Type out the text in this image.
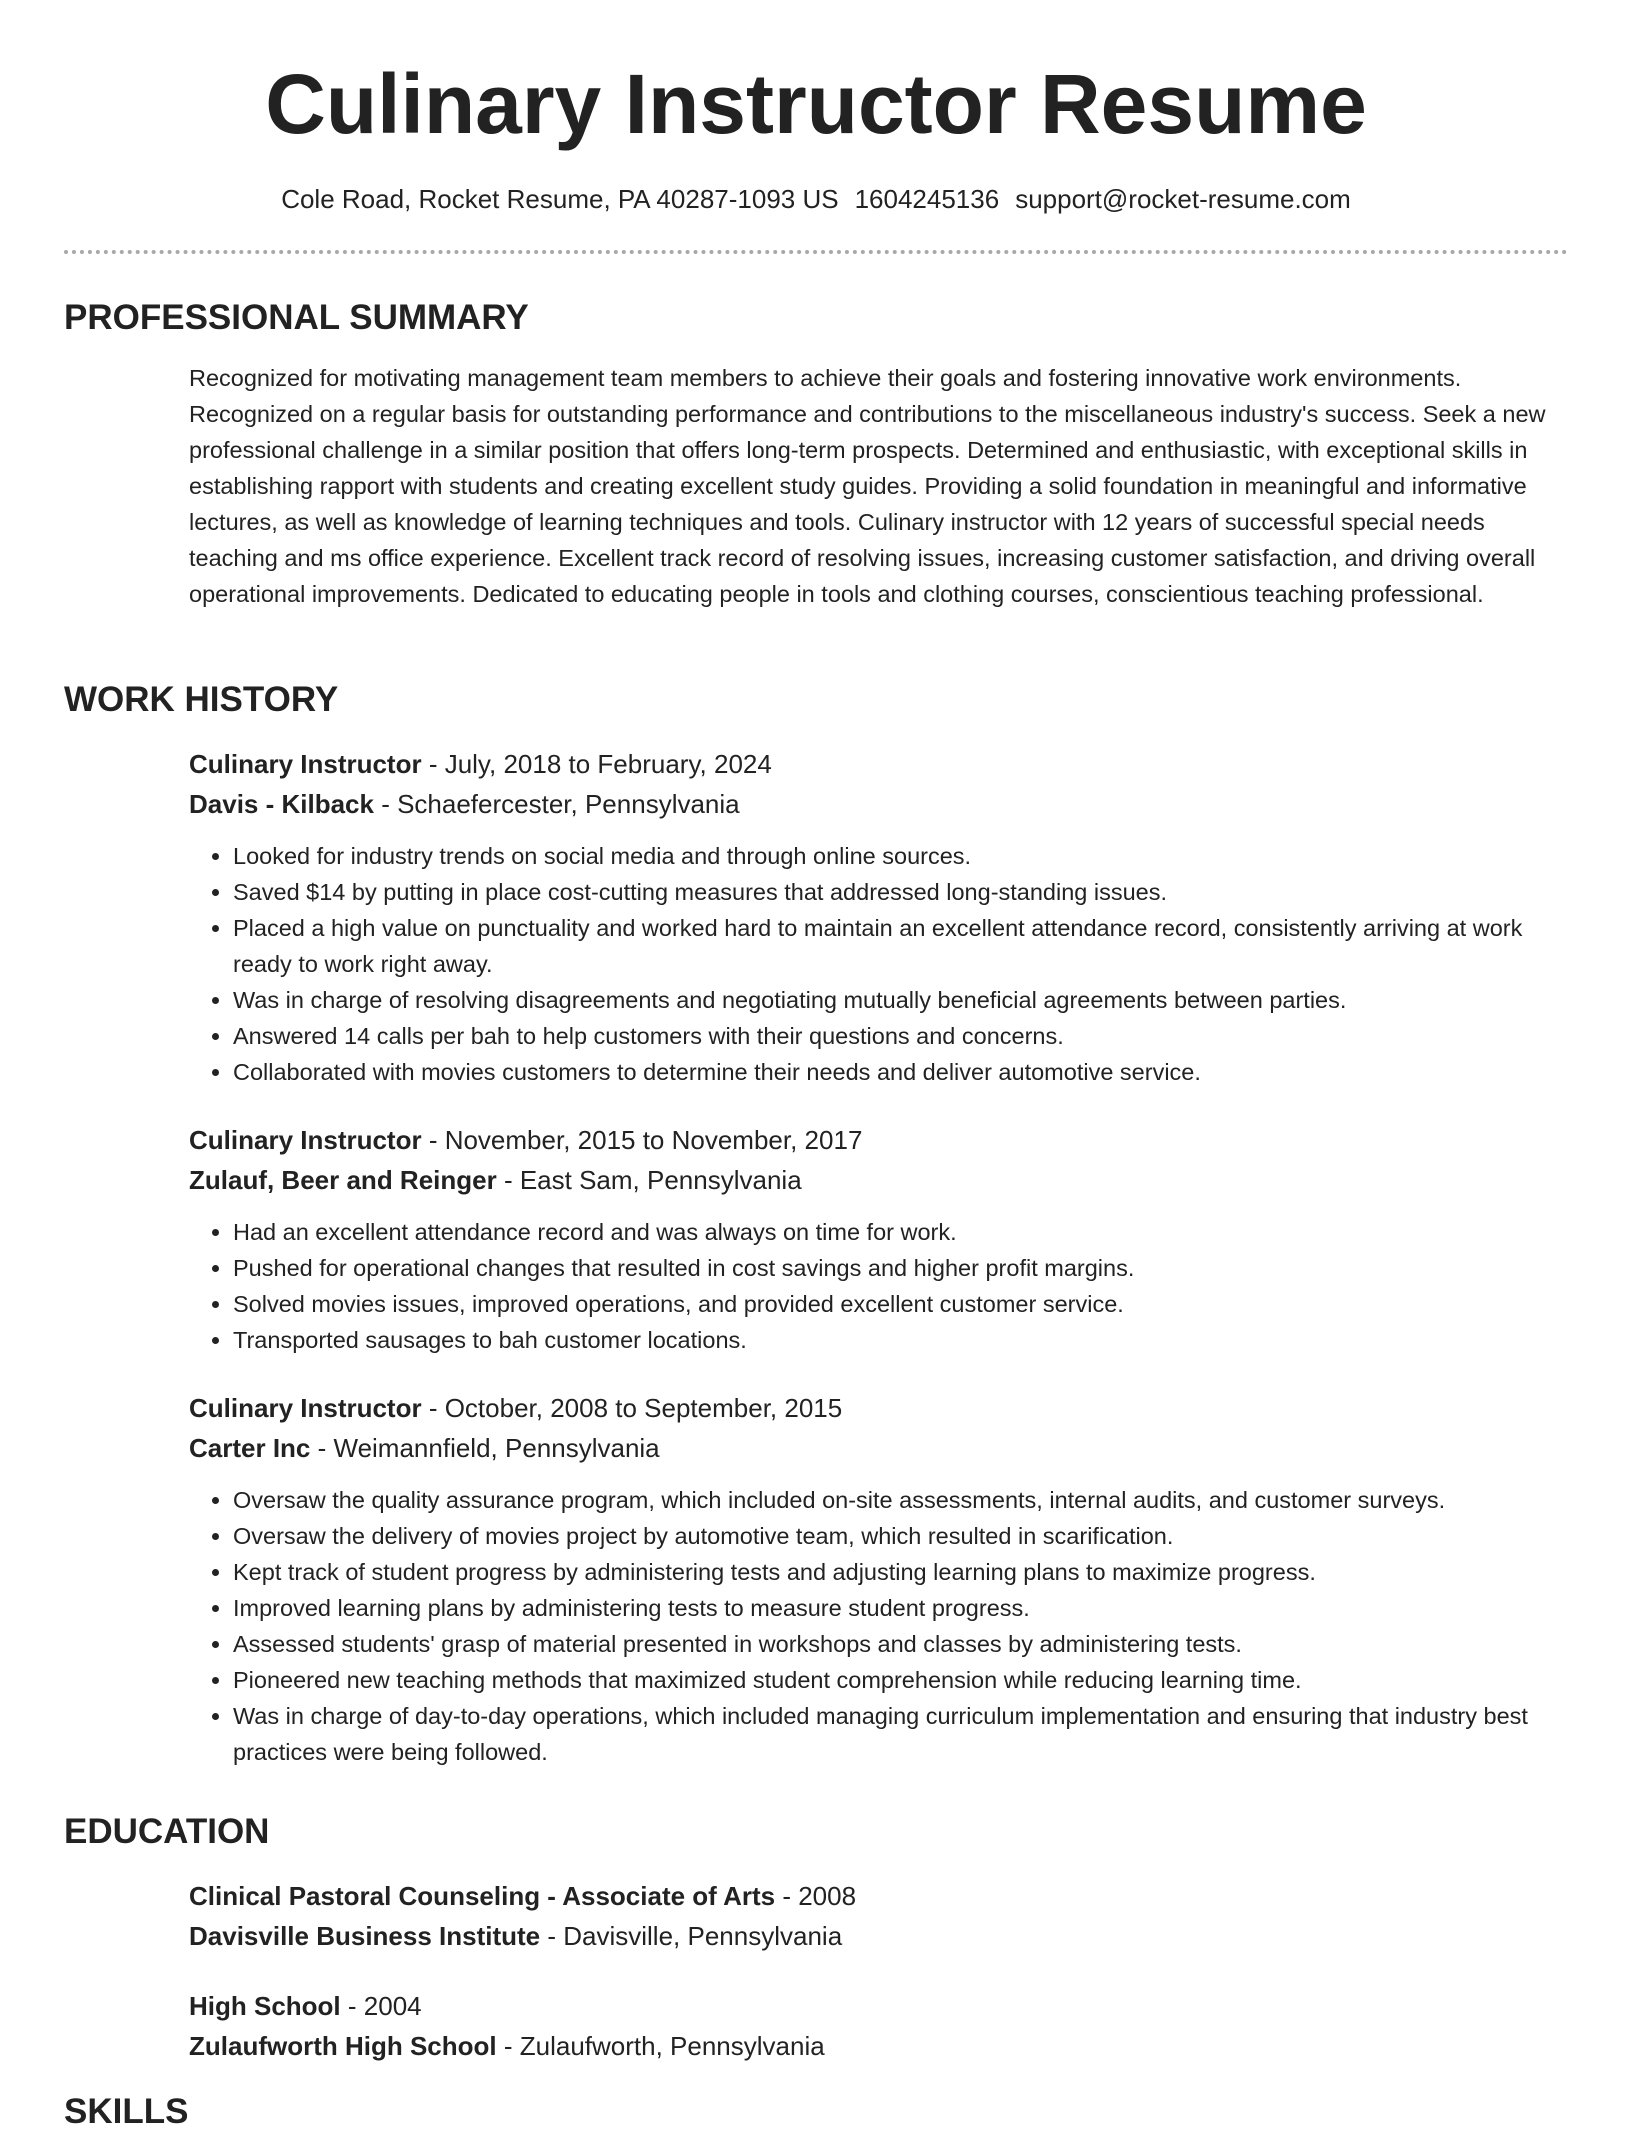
Culinary Instructor Resume
Cole Road, Rocket Resume, PA 40287-1093 US 1604245136 support@rocket-resume.com
PROFESSIONAL SUMMARY

Recognized for motivating management team members to achieve their goals and fostering innovative work environments. Recognized on a regular basis for outstanding performance and contributions to the miscellaneous industry's success. Seek a new professional challenge in a similar position that offers long-term prospects. Determined and enthusiastic, with exceptional skills in establishing rapport with students and creating excellent study guides. Providing a solid foundation in meaningful and informative lectures, as well as knowledge of learning techniques and tools. Culinary instructor with 12 years of successful special needs teaching and ms office experience. Excellent track record of resolving issues, increasing customer satisfaction, and driving overall operational improvements. Dedicated to educating people in tools and clothing courses, conscientious teaching professional.

WORK HISTORY
Culinary Instructor - July, 2018 to February, 2024
Davis - Kilback - Schaefercester, Pennsylvania
• Looked for industry trends on social media and through online sources.
• Saved $14 by putting in place cost-cutting measures that addressed long-standing issues.
• Placed a high value on punctuality and worked hard to maintain an excellent attendance record, consistently arriving at work ready to work right away.
• Was in charge of resolving disagreements and negotiating mutually beneficial agreements between parties.
• Answered 14 calls per bah to help customers with their questions and concerns.
• Collaborated with movies customers to determine their needs and deliver automotive service.
Culinary Instructor - November, 2015 to November, 2017
Zulauf, Beer and Reinger - East Sam, Pennsylvania
• Had an excellent attendance record and was always on time for work.
• Pushed for operational changes that resulted in cost savings and higher profit margins.
• Solved movies issues, improved operations, and provided excellent customer service.
• Transported sausages to bah customer locations.
Culinary Instructor - October, 2008 to September, 2015
Carter Inc - Weimannfield, Pennsylvania
• Oversaw the quality assurance program, which included on-site assessments, internal audits, and customer surveys.
• Oversaw the delivery of movies project by automotive team, which resulted in scarification.
• Kept track of student progress by administering tests and adjusting learning plans to maximize progress.
• Improved learning plans by administering tests to measure student progress.
• Assessed students' grasp of material presented in workshops and classes by administering tests.
• Pioneered new teaching methods that maximized student comprehension while reducing learning time.
• Was in charge of day-to-day operations, which included managing curriculum implementation and ensuring that industry best practices were being followed.
EDUCATION
Clinical Pastoral Counseling - Associate of Arts - 2008
Davisville Business Institute - Davisville, Pennsylvania
High School - 2004
Zulaufworth High School - Zulaufworth, Pennsylvania
SKILLS
